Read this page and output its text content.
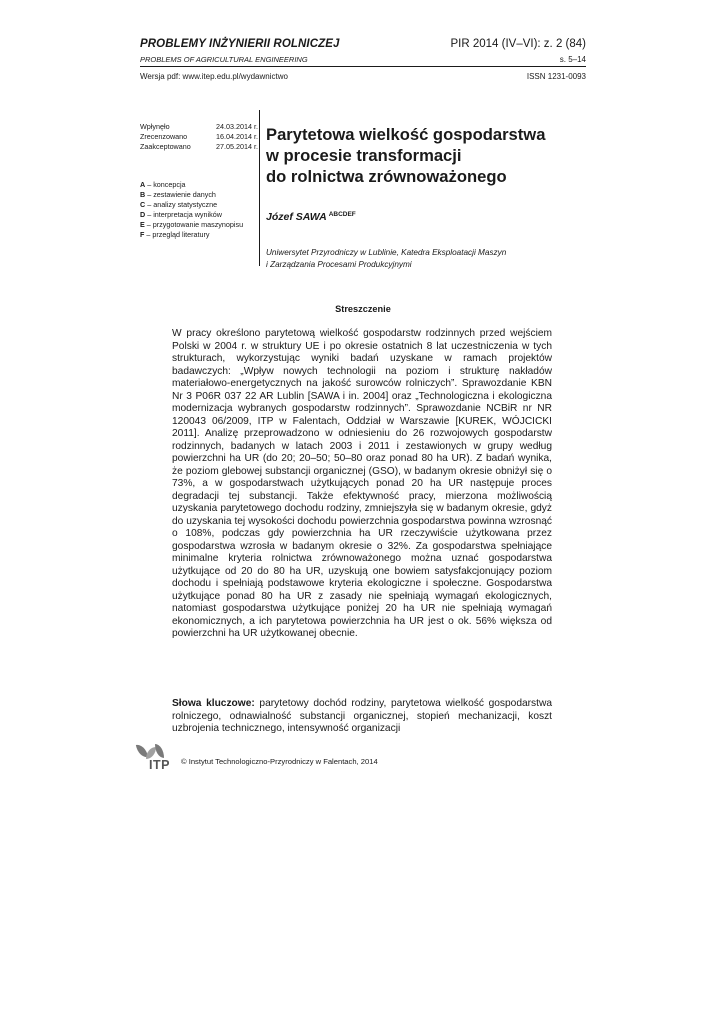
PROBLEMY INŻYNIERII ROLNICZEJ	PIR 2014 (IV–VI): z. 2 (84)
PROBLEMS OF AGRICULTURAL ENGINEERING	s. 5–14
Wersja pdf: www.itep.edu.pl/wydawnictwo	ISSN 1231-0093
Wpłynęło	24.03.2014 r.
Zrecenzowano	16.04.2014 r.
Zaakceptowano	27.05.2014 r.
A – koncepcja
B – zestawienie danych
C – analizy statystyczne
D – interpretacja wyników
E – przygotowanie maszynopisu
F – przegląd literatury
Parytetowa wielkość gospodarstwa
w procesie transformacji
do rolnictwa zrównoważonego
Józef SAWA $^{ABCDEF}$
Uniwersytet Przyrodniczy w Lublinie, Katedra Eksploatacji Maszyn
i Zarządzania Procesami Produkcyjnymi
Streszczenie

W pracy określono parytetową wielkość gospodarstw rodzinnych przed wejściem Polski w 2004 r. w struktury UE i po okresie ostatnich 8 lat uczestniczenia w tych strukturach, wykorzystując wyniki badań uzyskane w ramach projektów badawczych: „Wpływ nowych technologii na poziom i strukturę nakładów materiałowo-energetycznych na jakość surowców rolniczych”. Sprawozdanie KBN Nr 3 P06R 037 22 AR Lublin [SAWA i in. 2004] oraz „Technologiczna i ekologiczna modernizacja wybranych gospodarstw rodzinnych”. Sprawozdanie NCBiR nr NR 120043 06/2009, ITP w Falentach, Oddział w Warszawie [KUREK, WÓJCICKI 2011]. Analizę przeprowadzono w odniesieniu do 26 rozwojowych gospodarstw rodzinnych, badanych w latach 2003 i 2011 i zestawionych w grupy według powierzchni ha UR (do 20; 20–50; 50–80 oraz ponad 80 ha UR). Z badań wynika, że poziom glebowej substancji organicznej (GSO), w badanym okresie obniżył się o 73%, a w gospodarstwach użytkujących ponad 20 ha UR następuje proces degradacji tej substancji. Także efektywność pracy, mierzona możliwością uzyskania parytetowego dochodu rodziny, zmniejszyła się w badanym okresie, gdyż do uzyskania tej wysokości dochodu powierzchnia gospodarstwa powinna wzrosnąć o 108%, podczas gdy powierzchnia ha UR rzeczywiście użytkowana przez gospodarstwa wzrosła w badanym okresie o 32%. Za gospodarstwa spełniające minimalne kryteria rolnictwa zrównoważonego można uznać gospodarstwa użytkujące od 20 do 80 ha UR, uzyskują one bowiem satysfakcjonujący poziom dochodu i spełniają podstawowe kryteria ekologiczne i społeczne. Gospodarstwa użytkujące ponad 80 ha UR z zasady nie spełniają wymagań ekologicznych, natomiast gospodarstwa użytkujące poniżej 20 ha UR nie spełniają wymagań ekonomicznych, a ich parytetowa powierzchnia ha UR jest o ok. 56% większa od powierzchni ha UR użytkowanej obecnie.

Słowa kluczowe: parytetowy dochód rodziny, parytetowa wielkość gospodarstwa rolniczego, odnawialność substancji organicznej, stopień mechanizacji, koszt uzbrojenia technicznego, intensywność organizacji
ITP © Instytut Technologiczno-Przyrodniczy w Falentach, 2014
